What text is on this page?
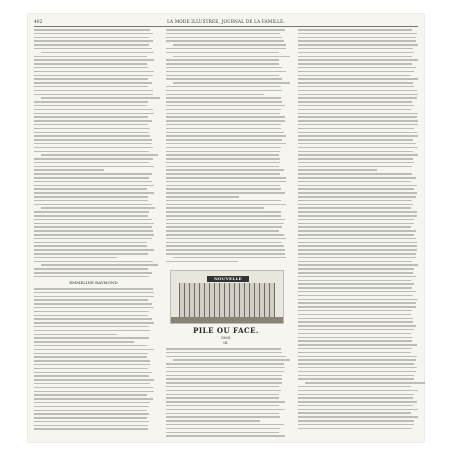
402	LA MODE ILLUSTRÉE, JOURNAL DE LA FAMILLE.
EMMELINE RAYMOND.
NOUVELLE
PILE OU FACE.
1864.
III.
